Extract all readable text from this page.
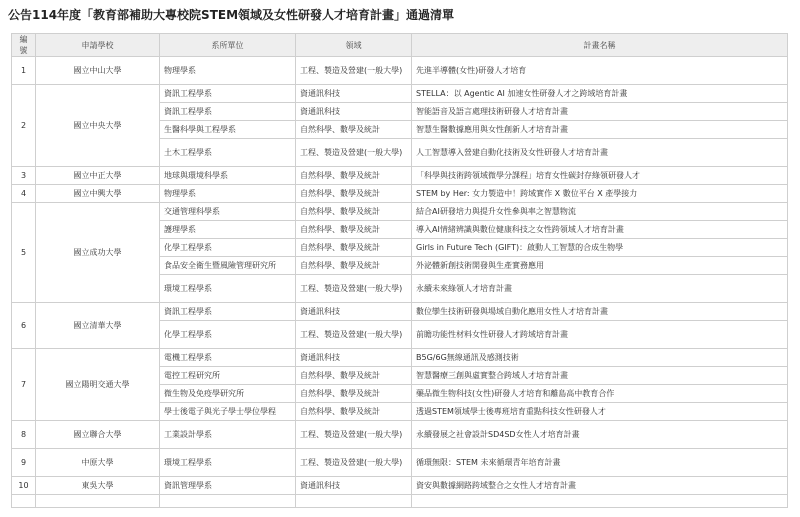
公告114年度「教育部補助大專校院STEM領域及女性研發人才培育計畫」通過清單
編號	申請學校	系所單位	領域	計畫名稱
1	國立中山大學	物理學系	工程、製造及營建(一般大學)	先進半導體(女性)研發人才培育
2	國立中央大學	資訊工程學系	資通訊科技	STELLA：以 Agentic AI 加速女性研發人才之跨域培育計畫
		資訊工程學系	資通訊科技	智能語音及語言處理技術研發人才培育計畫
		生醫科學與工程學系	自然科學、數學及統計	智慧生醫數據應用與女性創新人才培育計畫
		土木工程學系	工程、製造及營建(一般大學)	人工智慧導入營建自動化技術及女性研發人才培育計畫
3	國立中正大學	地球與環境科學系	自然科學、數學及統計	「科學與技術跨領域微學分課程」培育女性碳封存綠領研發人才
4	國立中興大學	物理學系	自然科學、數學及統計	STEM by Her: 女力製造中！跨域實作 X 數位平台 X 產學接力
5	國立成功大學	交通管理科學系	自然科學、數學及統計	結合AI研發培力與提升女性參與率之智慧物流
		護理學系	自然科學、數學及統計	導入AI情緒辨識與數位健康科技之女性跨領域人才培育計畫
		化學工程學系	自然科學、數學及統計	Girls in Future Tech (GIFT)：啟動人工智慧的合成生物學
		食品安全衛生暨風險管理研究所	自然科學、數學及統計	外泌體新創技術開發與生產實務應用
		環境工程學系	工程、製造及營建(一般大學)	永續未來綠領人才培育計畫
6	國立清華大學	資訊工程學系	資通訊科技	數位孿生技術研發與場域自動化應用女性人才培育計畫
		化學工程學系	工程、製造及營建(一般大學)	前瞻功能性材料女性研發人才跨域培育計畫
7	國立陽明交通大學	電機工程學系	資通訊科技	B5G/6G無線通訊及感測技術
		電控工程研究所	自然科學、數學及統計	智慧醫療三創與虛實整合跨域人才培育計畫
		微生物及免疫學研究所	自然科學、數學及統計	藥品微生物科技(女性)研發人才培育和離島高中教育合作
		學士後電子與光子學士學位學程	自然科學、數學及統計	透過STEM領域學士後專班培育重點科技女性研發人才
8	國立聯合大學	工業設計學系	工程、製造及營建(一般大學)	永續發展之社會設計SD4SD女性人才培育計畫
9	中原大學	環境工程學系	工程、製造及營建(一般大學)	循環無限：STEM 未來循環青年培育計畫
10	東吳大學	資訊管理學系	資通訊科技	資安與數據網路跨域整合之女性人才培育計畫
